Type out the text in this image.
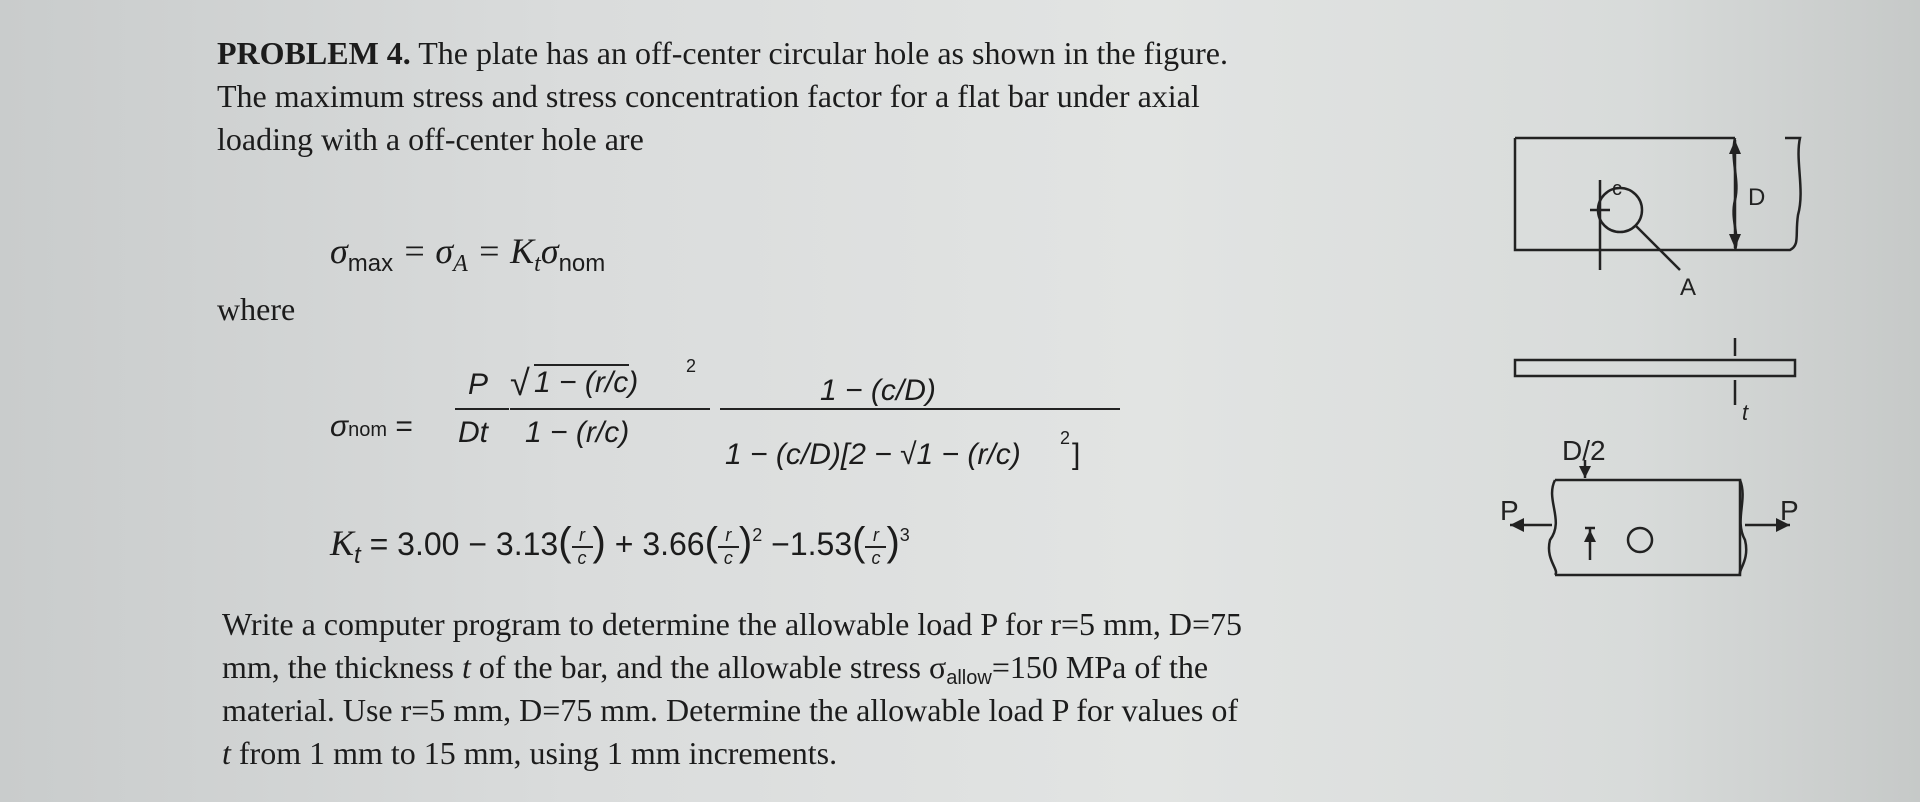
PROBLEM 4. The plate has an off-center circular hole as shown in the figure.
The maximum stress and stress concentration factor for a flat bar under axial
loading with a off-center hole are
$\sigma_{max} = \sigma_A = K_t\sigma_{nom}$
where
σnom =
P
Dt
√ 1 − (r/c)	2
1 − (r/c)
1 − (c/D)
1 − (c/D)[2 − √1 − (r/c) 2 ]
$K_t = 3.00 - 3.13( \frac{r}{c}$ ) + $3.66( \frac{r}{c} )^2 -1.53( \frac{r}{c} )^3$
Write a computer program to determine the allowable load P for r=5 mm, D=75
mm, the thickness t of the bar, and the allowable stress σallow=150 MPa of the
material. Use r=5 mm, D=75 mm. Determine the allowable load P for values of
t from 1 mm to 15 mm, using 1 mm increments.
c	D
A
t
D/2
P	P
